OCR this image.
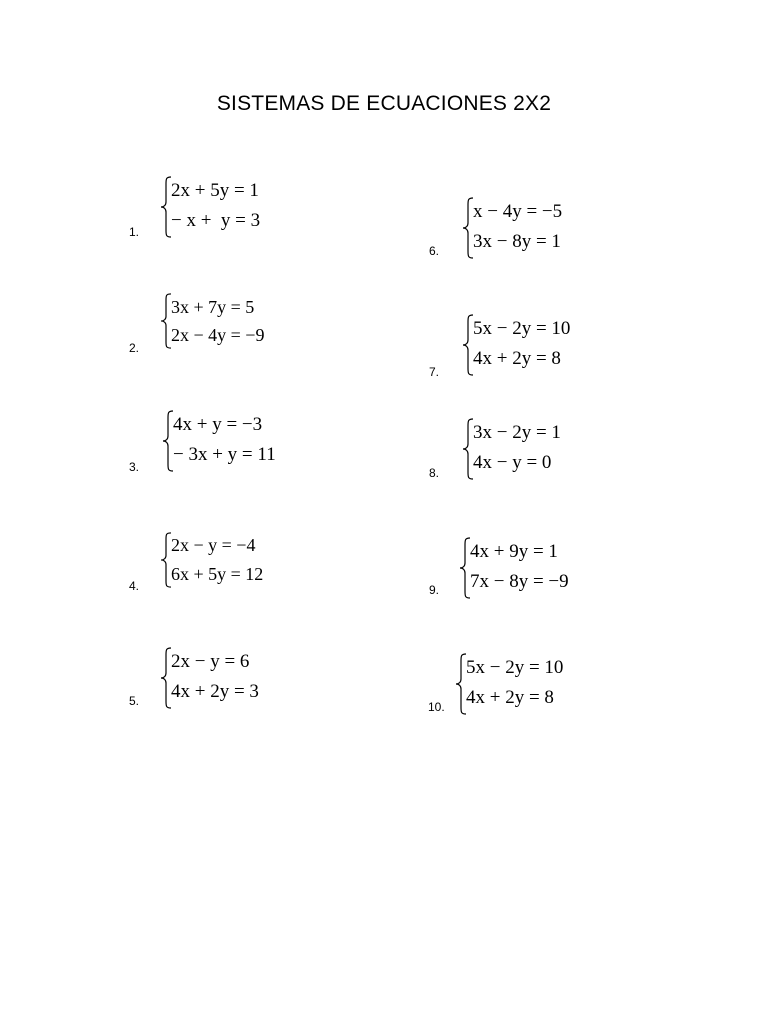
SISTEMAS DE ECUACIONES 2X2
1.
2x + 5y = 1
− x +  y = 3
2.
3x + 7y = 5
2x − 4y = −9
3.
4x + y = −3
− 3x + y = 11
4.
2x − y = −4
6x + 5y = 12
5.
2x − y = 6
4x + 2y = 3
6.
x − 4y = −5
3x − 8y = 1
7.
5x − 2y = 10
4x + 2y = 8
8.
3x − 2y = 1
4x − y = 0
9.
4x + 9y = 1
7x − 8y = −9
10.
5x − 2y = 10
4x + 2y = 8
